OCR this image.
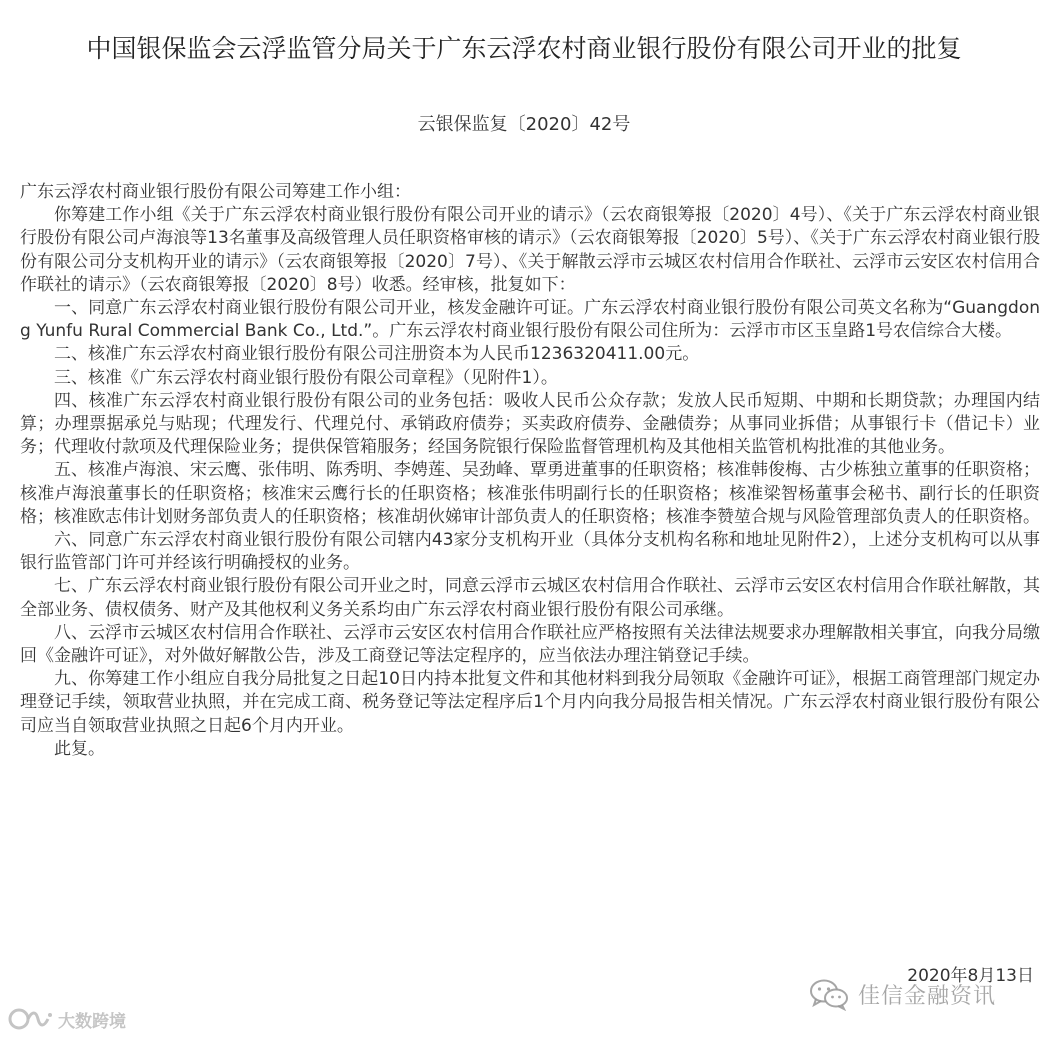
中国银保监会云浮监管分局关于广东云浮农村商业银行股份有限公司开业的批复
云银保监复〔2020〕42号

广东云浮农村商业银行股份有限公司筹建工作小组：

你筹建工作小组《关于广东云浮农村商业银行股份有限公司开业的请示》（云农商银筹报〔2020〕4号）、《关于广东云浮农村商业银行股份有限公司卢海浪等13名董事及高级管理人员任职资格审核的请示》（云农商银筹报〔2020〕5号）、《关于广东云浮农村商业银行股份有限公司分支机构开业的请示》（云农商银筹报〔2020〕7号）、《关于解散云浮市云城区农村信用合作联社、云浮市云安区农村信用合作联社的请示》（云农商银筹报〔2020〕8号）收悉。经审核，批复如下：

一、同意广东云浮农村商业银行股份有限公司开业，核发金融许可证。广东云浮农村商业银行股份有限公司英文名称为“Guangdong Yunfu Rural Commercial Bank Co., Ltd.”。广东云浮农村商业银行股份有限公司住所为：云浮市市区玉皇路1号农信综合大楼。

二、核准广东云浮农村商业银行股份有限公司注册资本为人民币1236320411.00元。

三、核准《广东云浮农村商业银行股份有限公司章程》（见附件1）。

四、核准广东云浮农村商业银行股份有限公司的业务包括：吸收人民币公众存款；发放人民币短期、中期和长期贷款；办理国内结算；办理票据承兑与贴现；代理发行、代理兑付、承销政府债券；买卖政府债券、金融债券；从事同业拆借；从事银行卡（借记卡）业务；代理收付款项及代理保险业务；提供保管箱服务；经国务院银行保险监督管理机构及其他相关监管机构批准的其他业务。

五、核准卢海浪、宋云鹰、张伟明、陈秀明、李娉莲、吴劲峰、覃勇进董事的任职资格；核准韩俊梅、古少栋独立董事的任职资格；核准卢海浪董事长的任职资格；核准宋云鹰行长的任职资格；核准张伟明副行长的任职资格；核准梁智杨董事会秘书、副行长的任职资格；核准欧志伟计划财务部负责人的任职资格；核准胡伙娣审计部负责人的任职资格；核准李赞堃合规与风险管理部负责人的任职资格。

六、同意广东云浮农村商业银行股份有限公司辖内43家分支机构开业（具体分支机构名称和地址见附件2），上述分支机构可以从事银行监管部门许可并经该行明确授权的业务。

七、广东云浮农村商业银行股份有限公司开业之时，同意云浮市云城区农村信用合作联社、云浮市云安区农村信用合作联社解散，其全部业务、债权债务、财产及其他权利义务关系均由广东云浮农村商业银行股份有限公司承继。

八、云浮市云城区农村信用合作联社、云浮市云安区农村信用合作联社应严格按照有关法律法规要求办理解散相关事宜，向我分局缴回《金融许可证》，对外做好解散公告，涉及工商登记等法定程序的，应当依法办理注销登记手续。

九、你筹建工作小组应自我分局批复之日起10日内持本批复文件和其他材料到我分局领取《金融许可证》，根据工商管理部门规定办理登记手续，领取营业执照，并在完成工商、税务登记等法定程序后1个月内向我分局报告相关情况。广东云浮农村商业银行股份有限公司应当自领取营业执照之日起6个月内开业。

此复。

2020年8月13日
佳信金融资讯
大数跨境
